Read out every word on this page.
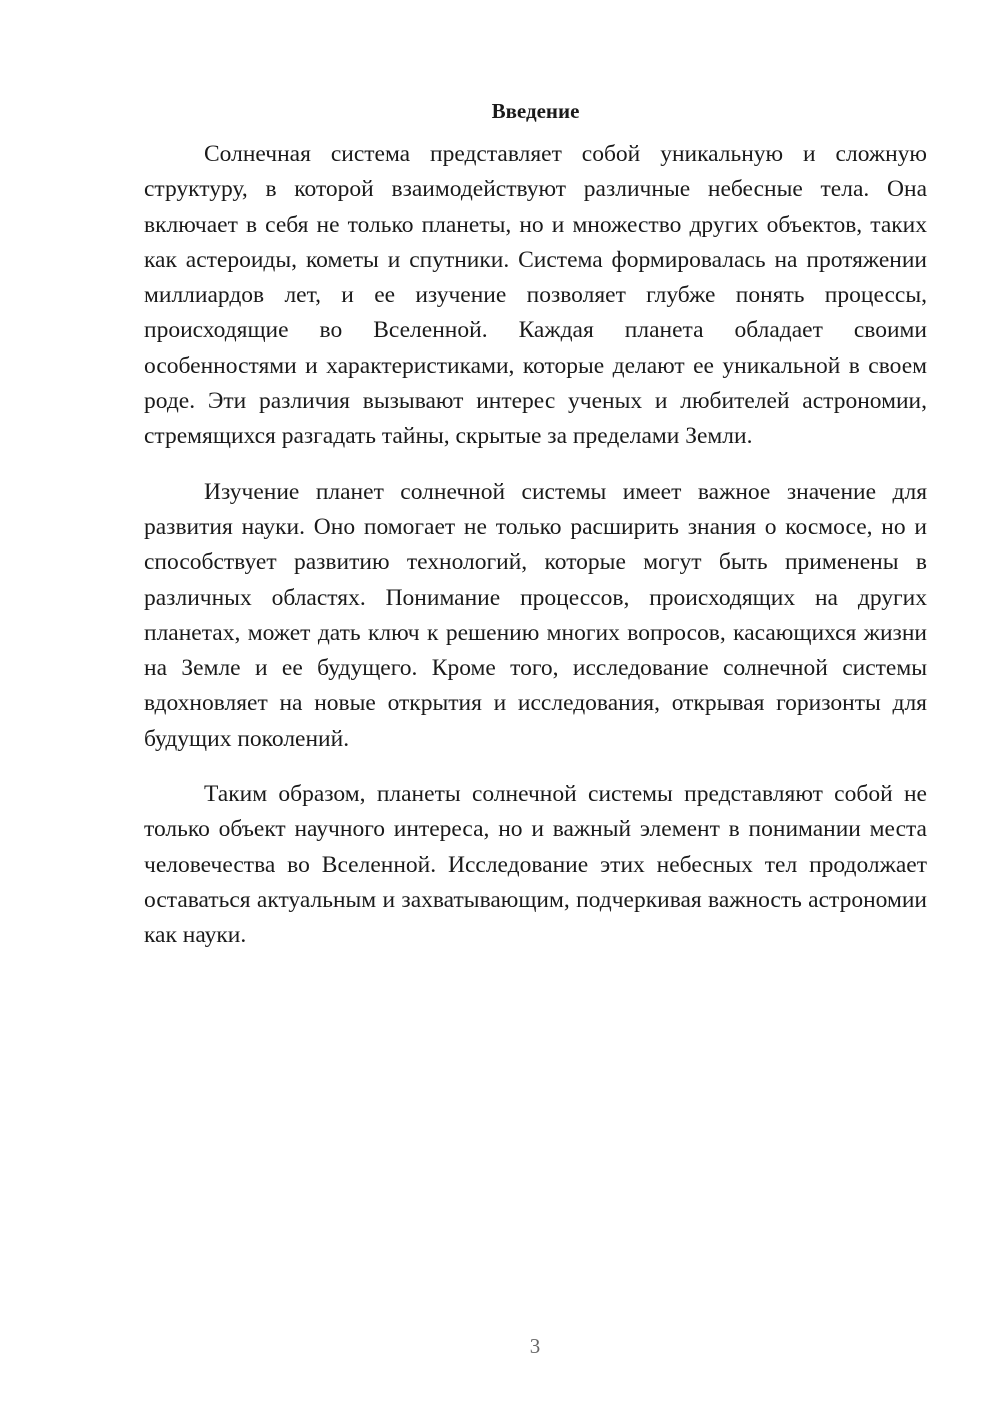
Введение

Солнечная система представляет собой уникальную и сложную структуру, в которой взаимодействуют различные небесные тела. Она включает в себя не только планеты, но и множество других объектов, таких как астероиды, кометы и спутники. Система формировалась на протяжении миллиардов лет, и ее изучение позволяет глубже понять процессы, происходящие во Вселенной. Каждая планета обладает своими особенностями и характеристиками, которые делают ее уникальной в своем роде. Эти различия вызывают интерес ученых и любителей астрономии, стремящихся разгадать тайны, скрытые за пределами Земли.

Изучение планет солнечной системы имеет важное значение для развития науки. Оно помогает не только расширить знания о космосе, но и способствует развитию технологий, которые могут быть применены в различных областях. Понимание процессов, происходящих на других планетах, может дать ключ к решению многих вопросов, касающихся жизни на Земле и ее будущего. Кроме того, исследование солнечной системы вдохновляет на новые открытия и исследования, открывая горизонты для будущих поколений.

Таким образом, планеты солнечной системы представляют собой не только объект научного интереса, но и важный элемент в понимании места человечества во Вселенной. Исследование этих небесных тел продолжает оставаться актуальным и захватывающим, подчеркивая важность астрономии как науки.

3
